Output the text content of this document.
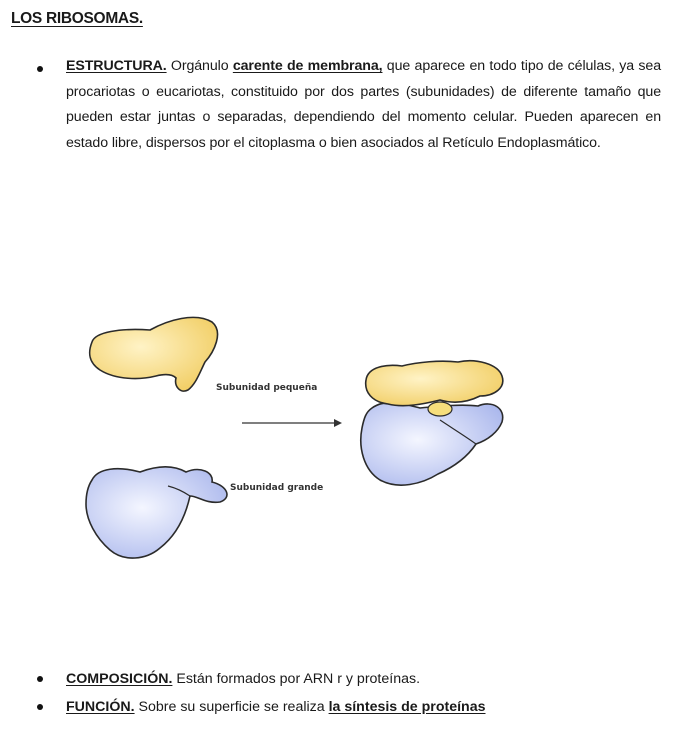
LOS RIBOSOMAS.
ESTRUCTURA. Orgánulo carente de membrana, que aparece en todo tipo de células, ya sea procariotas o eucariotas, constituido por dos partes (subunidades) de diferente tamaño que pueden estar juntas o separadas, dependiendo del momento celular. Pueden aparecen en estado libre, dispersos por el citoplasma o bien asociados al Retículo Endoplasmático.
Subunidad pequeña
Subunidad grande
COMPOSICIÓN. Están formados por ARN r y proteínas.
FUNCIÓN. Sobre su superficie se realiza la síntesis de proteínas
